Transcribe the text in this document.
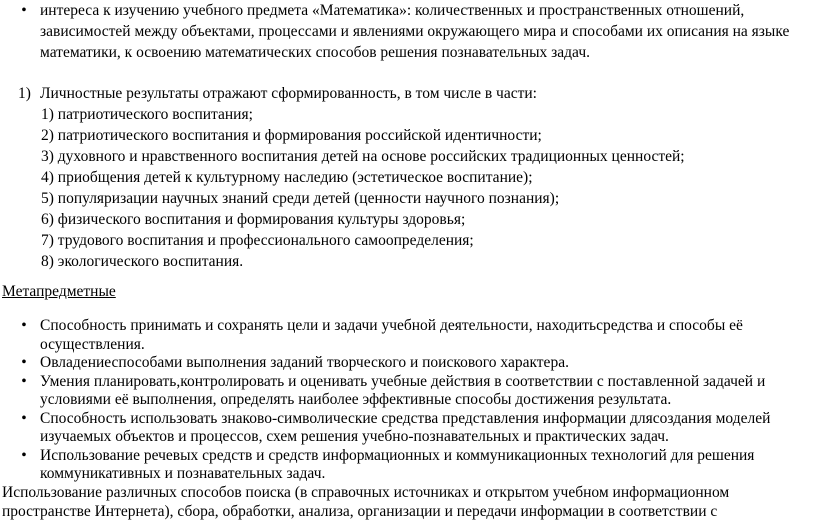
• интереса к изучению учебного предмета «Математика»: количественных и пространственных отношений,
зависимостей между объектами, процессами и явлениями окружающего мира и способами их описания на языке
математики, к освоению математических способов решения познавательных задач.
1) Личностные результаты отражают сформированность, в том числе в части:
1) патриотического воспитания;
2) патриотического воспитания и формирования российской идентичности;
3) духовного и нравственного воспитания детей на основе российских традиционных ценностей;
4) приобщения детей к культурному наследию (эстетическое воспитание);
5) популяризации научных знаний среди детей (ценности научного познания);
6) физического воспитания и формирования культуры здоровья;
7) трудового воспитания и профессионального самоопределения;
8) экологического воспитания.
Метапредметные
• Способность принимать и сохранять цели и задачи учебной деятельности, находитьсредства и способы её
осуществления.
• Овладениеспособами выполнения заданий творческого и поискового характера.
• Умения планировать,контролировать и оценивать учебные действия в соответствии с поставленной задачей и
условиями её выполнения, определять наиболее эффективные способы достижения результата.
• Способность использовать знаково-символические средства представления информации длясоздания моделей
изучаемых объектов и процессов, схем решения учебно-познавательных и практических задач.
• Использование речевых средств и средств информационных и коммуникационных технологий для решения
коммуникативных и познавательных задач.
Использование различных способов поиска (в справочных источниках и открытом учебном информационном
пространстве Интернета), сбора, обработки, анализа, организации и передачи информации в соответствии с
